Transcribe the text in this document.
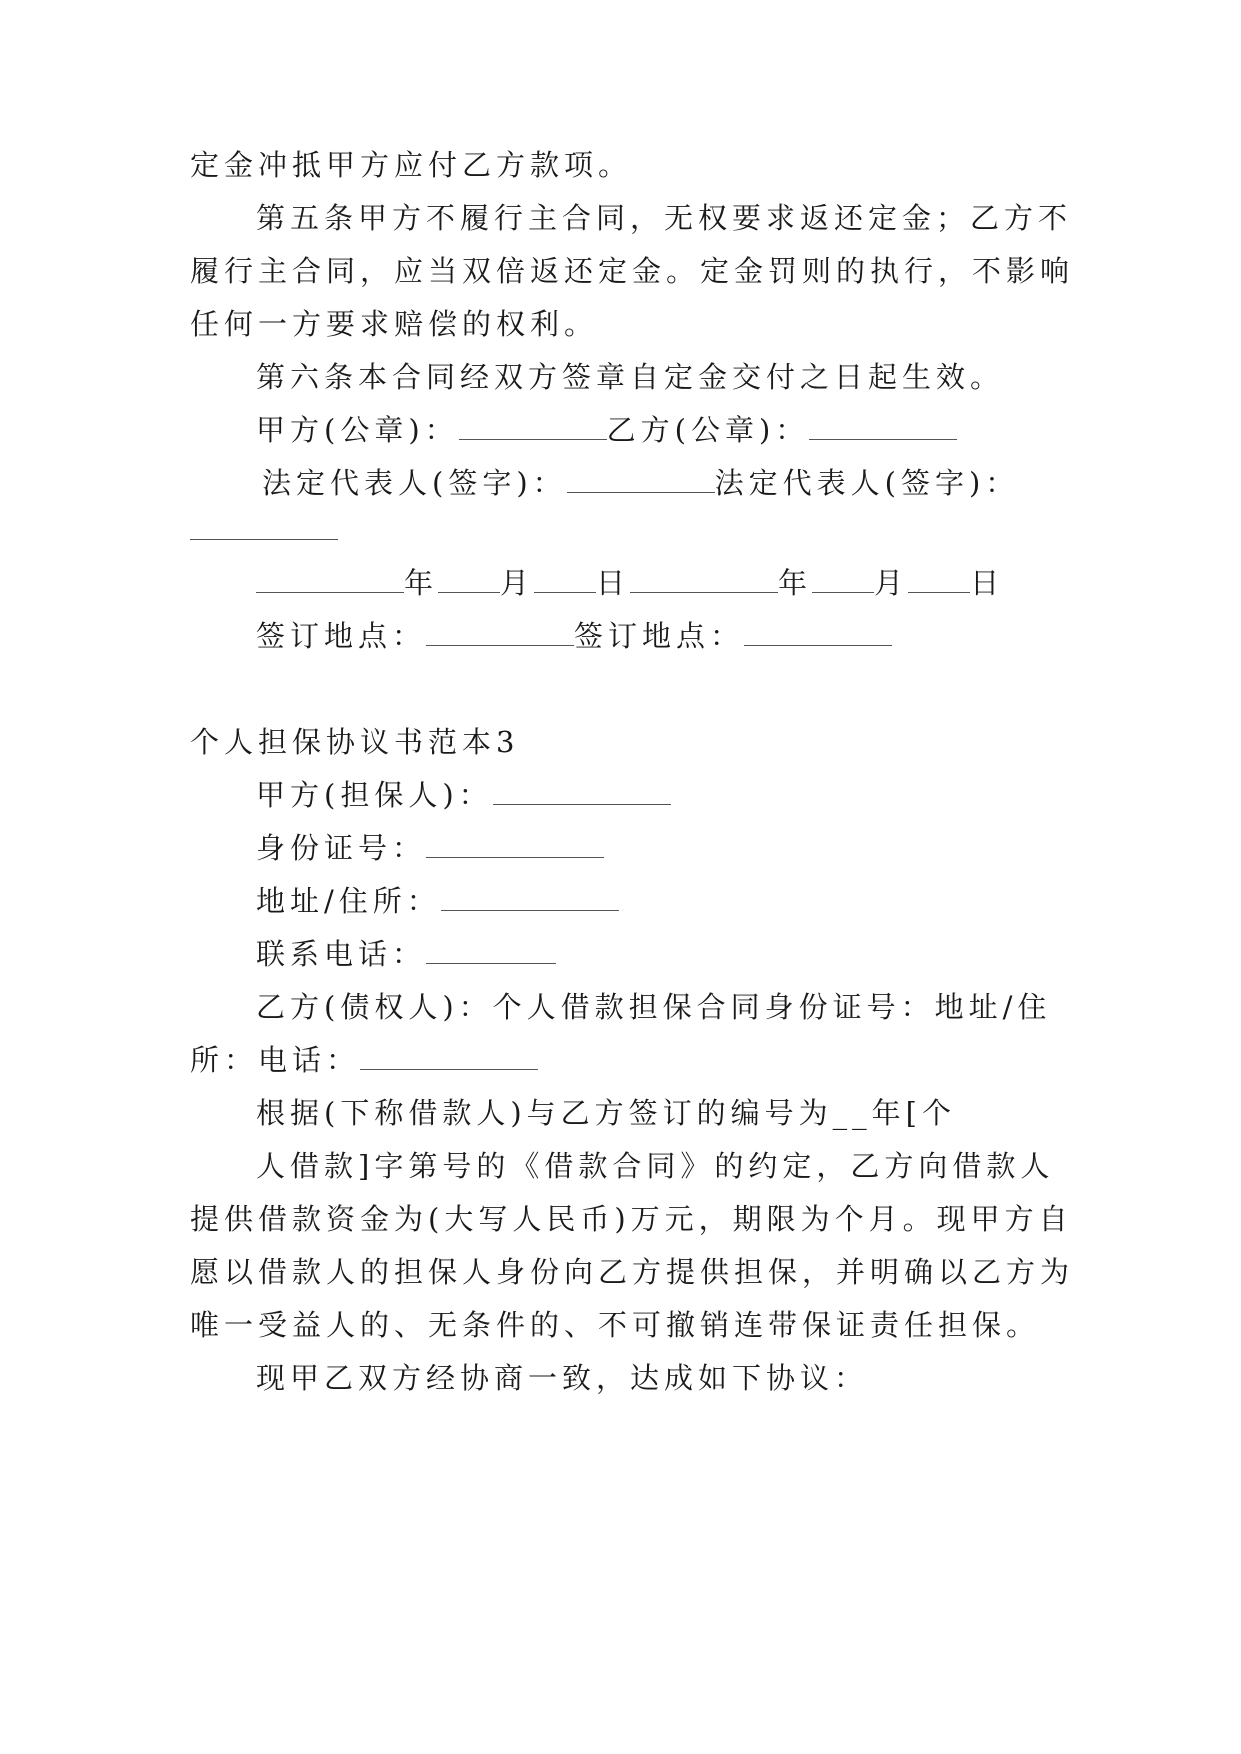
定金冲抵甲方应付乙方款项。
第五条甲方不履行主合同，无权要求返还定金；乙方不
履行主合同，应当双倍返还定金。定金罚则的执行，不影响
任何一方要求赔偿的权利。
第六条本合同经双方签章自定金交付之日起生效。
甲方(公章)：	乙方(公章)：
法定代表人(签字)：	法定代表人(签字)：
年 月 日	年 月 日
签订地点：	签订地点：
个人担保协议书范本3
甲方(担保人)：
身份证号：
地址/住所：
联系电话：
乙方(债权人)：个人借款担保合同身份证号：地址/住
所：电话：
根据(下称借款人)与乙方签订的编号为__年[个
人借款]字第号的《借款合同》的约定，乙方向借款人
提供借款资金为(大写人民币)万元，期限为个月。现甲方自
愿以借款人的担保人身份向乙方提供担保，并明确以乙方为
唯一受益人的、无条件的、不可撤销连带保证责任担保。
现甲乙双方经协商一致，达成如下协议：
